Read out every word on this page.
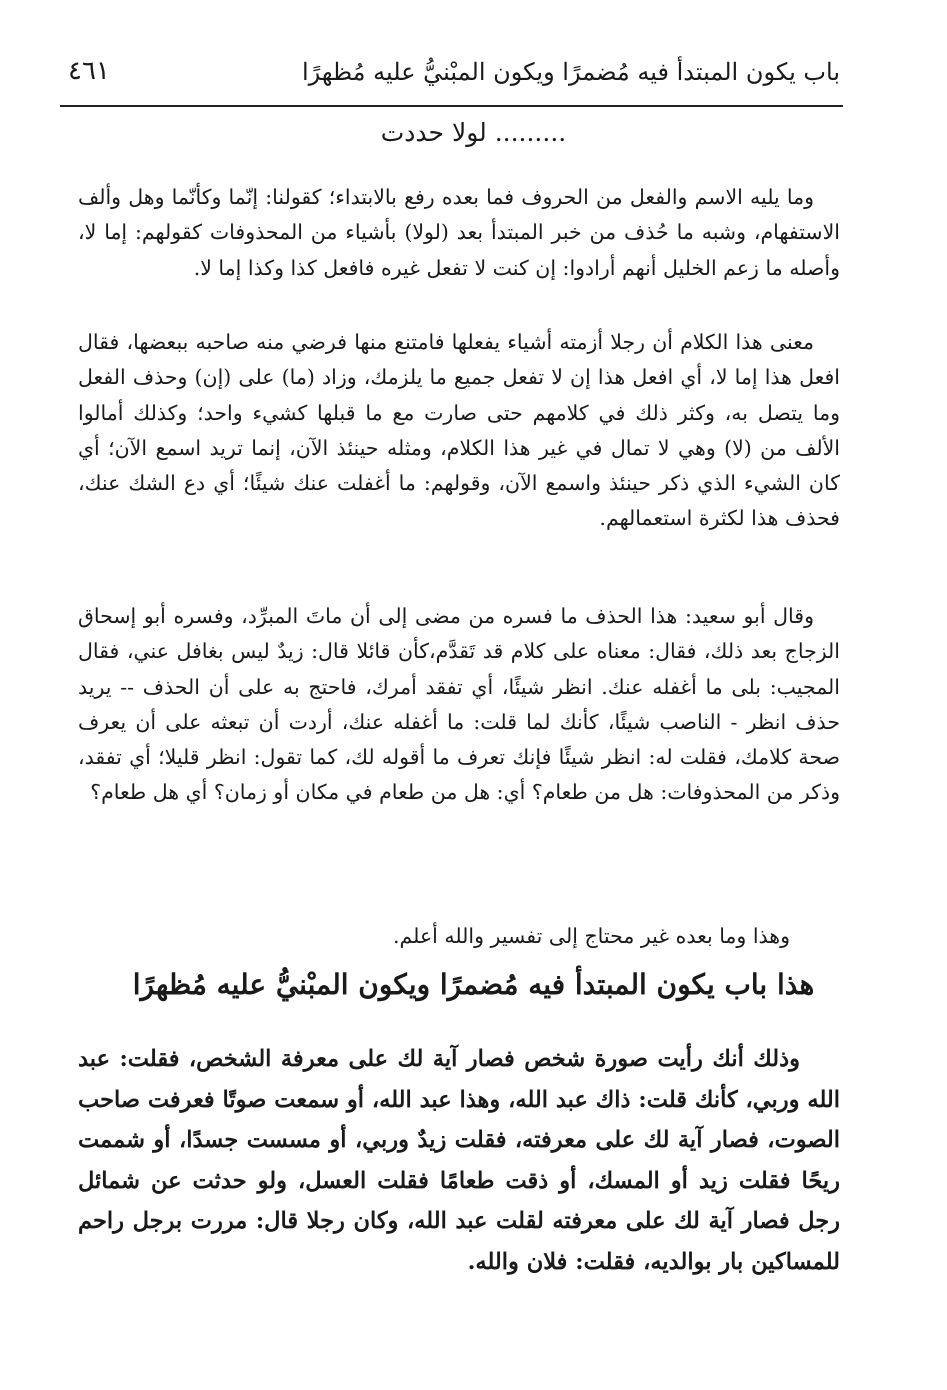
باب يكون المبتدأ فيه مُضمرًا ويكون المبْنيُّ عليه مُظهرًا
٤٦١
......... لولا حددت

وما يليه الاسم والفعل من الحروف فما بعده رفع بالابتداء؛ كقولنا: إنّما وكأنّما وهل وألف الاستفهام، وشبه ما حُذف من خبر المبتدأ بعد (لولا) بأشياء من المحذوفات كقولهم: إما لا، وأصله ما زعم الخليل أنهم أرادوا: إن كنت لا تفعل غيره فافعل كذا وكذا إما لا.

معنى هذا الكلام أن رجلا أزمته أشياء يفعلها فامتنع منها فرضي منه صاحبه ببعضها، فقال افعل هذا إما لا، أي افعل هذا إن لا تفعل جميع ما يلزمك، وزاد (ما) على (إن) وحذف الفعل وما يتصل به، وكثر ذلك في كلامهم حتى صارت مع ما قبلها كشيء واحد؛ وكذلك أمالوا الألف من (لا) وهي لا تمال في غير هذا الكلام، ومثله حينئذ الآن، إنما تريد اسمع الآن؛ أي كان الشيء الذي ذكر حينئذ واسمع الآن، وقولهم: ما أغفلت عنك شيئًا؛ أي دع الشك عنك، فحذف هذا لكثرة استعمالهم.

وقال أبو سعيد: هذا الحذف ما فسره من مضى إلى أن ماتَ المبرِّد، وفسره أبو إسحاق الزجاج بعد ذلك، فقال: معناه على كلام قد تَقدَّم،كأن قائلا قال: زيدٌ ليس بغافل عني، فقال المجيب: بلى ما أغفله عنك. انظر شيئًا، أي تفقد أمرك، فاحتج به على أن الحذف -- يريد حذف انظر - الناصب شيئًا، كأنك لما قلت: ما أغفله عنك، أردت أن تبعثه على أن يعرف صحة كلامك، فقلت له: انظر شيئًا فإنك تعرف ما أقوله لك، كما تقول: انظر قليلا؛ أي تفقد، وذكر من المحذوفات: هل من طعام؟ أي: هل من طعام في مكان أو زمان؟ أي هل طعام؟

وهذا وما بعده غير محتاج إلى تفسير والله أعلم.

هذا باب يكون المبتدأ فيه مُضمرًا ويكون المبْنيُّ عليه مُظهرًا

وذلك أنك رأيت صورة شخص فصار آية لك على معرفة الشخص، فقلت: عبد الله وربي، كأنك قلت: ذاك عبد الله، وهذا عبد الله، أو سمعت صوتًا فعرفت صاحب الصوت، فصار آية لك على معرفته، فقلت زيدٌ وربي، أو مسست جسدًا، أو شممت ريحًا فقلت زيد أو المسك، أو ذقت طعامًا فقلت العسل، ولو حدثت عن شمائل رجل فصار آية لك على معرفته لقلت عبد الله، وكان رجلا قال: مررت برجل راحم للمساكين بار بوالديه، فقلت: فلان والله.
